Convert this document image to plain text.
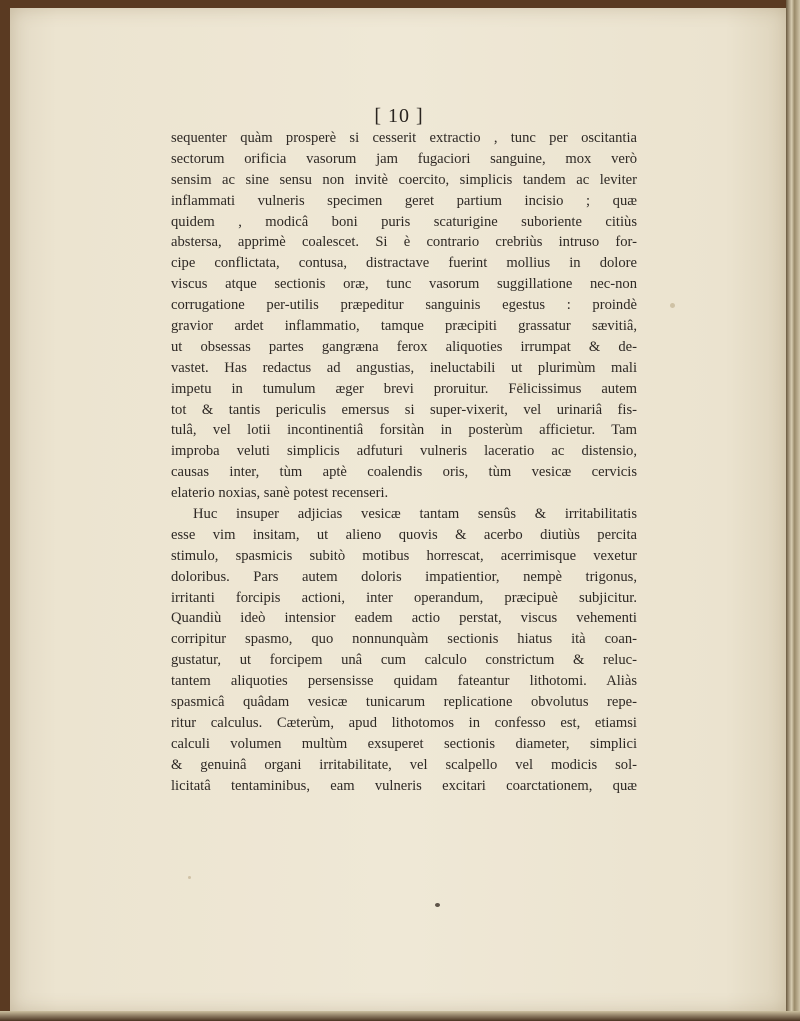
[ 10 ]
sequenter quàm prosperè si cesserit extractio , tunc per oscitantia
sectorum orificia vasorum jam fugaciori sanguine, mox verò
sensim ac sine sensu non invitè coercito, simplicis tandem ac leviter
inflammati vulneris specimen geret partium incisio ; quæ
quidem , modicâ boni puris scaturigine suboriente citiùs
abstersa, apprimè coalescet. Si è contrario crebriùs intruso for-
cipe conflictata, contusa, distractave fuerint mollius in dolore
viscus atque sectionis oræ, tunc vasorum suggillatione nec-non
corrugatione per-utilis præpeditur sanguinis egestus : proindè
gravior ardet inflammatio, tamque præcipiti grassatur sævitiâ,
ut obsessas partes gangræna ferox aliquoties irrumpat & de-
vastet. Has redactus ad angustias, ineluctabili ut plurimùm mali
impetu in tumulum æger brevi proruitur. Felicissimus autem
tot & tantis periculis emersus si super-vixerit, vel urinariâ fis-
tulâ, vel lotii incontinentiâ forsitàn in posterùm afficietur. Tam
improba veluti simplicis adfuturi vulneris laceratio ac distensio,
causas inter, tùm aptè coalendis oris, tùm vesicæ cervicis
elaterio noxias, sanè potest recenseri.
Huc insuper adjicias vesicæ tantam sensûs & irritabilitatis
esse vim insitam, ut alieno quovis & acerbo diutiùs percita
stimulo, spasmicis subitò motibus horrescat, acerrimisque vexetur
doloribus. Pars autem doloris impatientior, nempè trigonus,
irritanti forcipis actioni, inter operandum, præcipuè subjicitur.
Quandiù ideò intensior eadem actio perstat, viscus vehementi
corripitur spasmo, quo nonnunquàm sectionis hiatus ità coan-
gustatur, ut forcipem unâ cum calculo constrictum & reluc-
tantem aliquoties persensisse quidam fateantur lithotomi. Aliàs
spasmicâ quâdam vesicæ tunicarum replicatione obvolutus repe-
ritur calculus. Cæterùm, apud lithotomos in confesso est, etiamsi
calculi volumen multùm exsuperet sectionis diameter, simplici
& genuinâ organi irritabilitate, vel scalpello vel modicis sol-
licitatâ tentaminibus, eam vulneris excitari coarctationem, quæ
